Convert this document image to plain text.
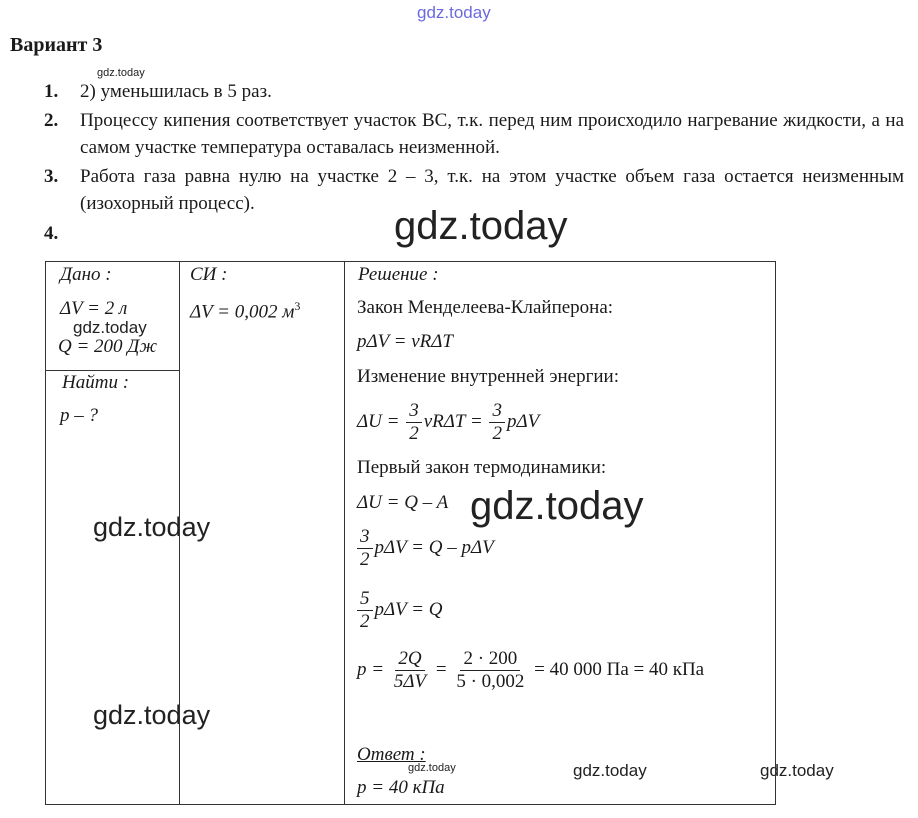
gdz.today
gdz.today
gdz.today
gdz.today
gdz.today
gdz.today
gdz.today
gdz.today	gdz.today	gdz.today
Вариант 3
1. 2) уменьшилась в 5 раз.
2. Процессу кипения соответствует участок ВС, т.к. перед ним происходило нагревание жидкости, а на самом участке температура оставалась неизменной.
3. Работа газа равна нулю на участке 2 – 3, т.к. на этом участке объем газа остается неизменным (изохорный процесс).
4.
Дано :
ΔV = 2 л
Q = 200 Дж
Найти :
p – ?
СИ :
ΔV = 0,002 $м^3$
Решение :
Закон Менделеева-Клайперона:
pΔV = νRΔT
Изменение внутренней энергии:
$\Delta U = \frac{3}{2}$ $\nu R\Delta T = \frac{3}{2}$ pΔV
Первый закон термодинамики:
ΔU = Q – A
$\frac{3}{2}$ pΔV = Q – pΔV
$\frac{5}{2}$ pΔV = Q
$p = \frac{2Q}{5\Delta V} = \frac{2 \cdot 200}{5 \cdot 0,002} = 40$ 000 Па = 40 кПа
Ответ :
p = 40 кПа
